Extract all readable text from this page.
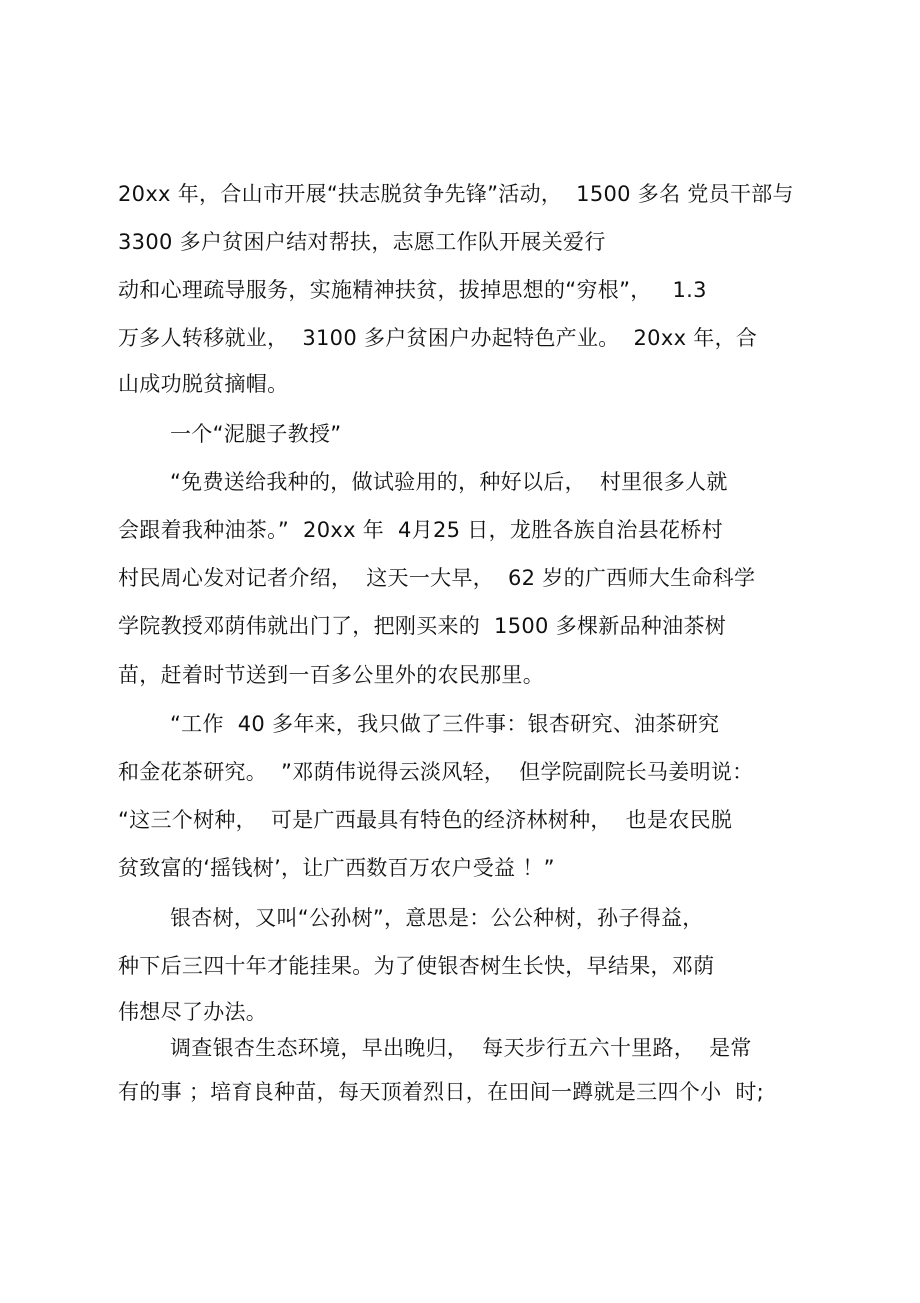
20xx 年，合山市开展“扶志脱贫争先锋”活动，  1500 多名 党员干部与
3300 多户贫困户结对帮扶，志愿工作队开展关爱行
动和心理疏导服务，实施精神扶贫，拔掉思想的“穷根”，   1.3
万多人转移就业，  3100 多户贫困户办起特色产业。  20xx 年，合
山成功脱贫摘帽。
一个“泥腿子教授”
“免费送给我种的，做试验用的，种好以后，  村里很多人就
会跟着我种油茶。”  20xx 年  4月25 日，龙胜各族自治县花桥村
村民周心发对记者介绍，  这天一大早，  62 岁的广西师大生命科学
学院教授邓荫伟就出门了，把刚买来的  1500 多棵新品种油茶树
苗，赶着时节送到一百多公里外的农民那里。
“工作  40 多年来，我只做了三件事：银杏研究、油茶研究
和金花茶研究。  ”邓荫伟说得云淡风轻，  但学院副院长马姜明说：
“这三个树种，  可是广西最具有特色的经济林树种，  也是农民脱
贫致富的‘摇钱树’，让广西数百万农户受益 ！”
银杏树，又叫“公孙树”，意思是：公公种树，孙子得益，
种下后三四十年才能挂果。为了使银杏树生长快，早结果，邓荫
伟想尽了办法。
调查银杏生态环境，早出晚归，  每天步行五六十里路，  是常
有的事 ；培育良种苗，每天顶着烈日，在田间一蹲就是三四个小  时;
